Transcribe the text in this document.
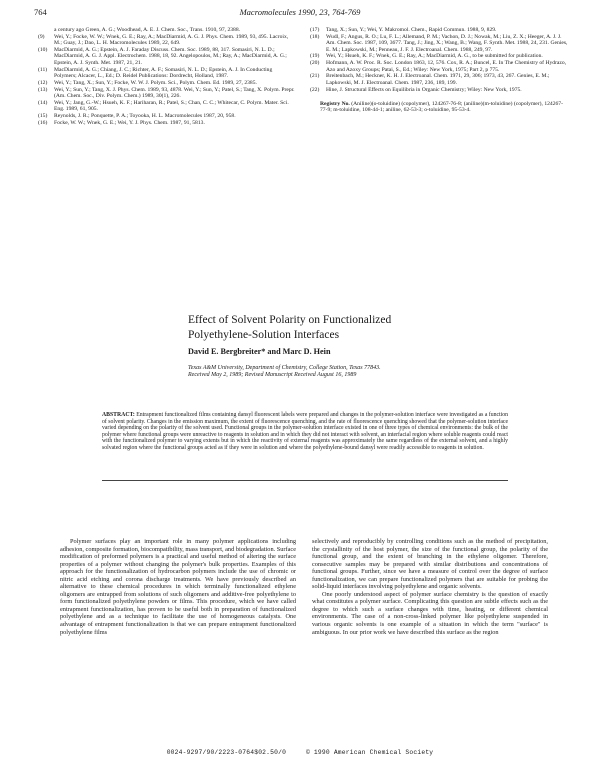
764	Macromolecules 1990, 23, 764-769
a century ago Green, A. G.; Woodhead, A. E. J. Chem. Soc., Trans. 1910, 97, 2388.
(9) Wei, Y.; Focke, W. W.; Wnek, G. E.; Ray, A.; MacDiarmid, A. G. J. Phys. Chem. 1989, 93, 495. Lacroix, M.; Guay, J.; Dao, L. H. Macromolecules 1989, 22, 649.
(10) MacDiarmid, A. G.; Epstein, A. J. Faraday Discuss. Chem. Soc. 1989, 88, 317. Somasiri, N. L. D.; MacDiarmid, A. G. J. Appl. Electrochem. 1988, 18, 92. Angelopoulos, M.; Ray, A.; MacDiarmid, A. G.; Epstein, A. J. Synth. Met. 1987, 21, 21.
(11) MacDiarmid, A. G.; Chiang, J. C.; Richter, A. F.; Somasiri, N. L. D.; Epstein, A. J. In Conducting Polymers; Alcacer, L., Ed.; D. Reidel Publications: Dordrecht, Holland, 1987.
(12) Wei, Y.; Tang, X.; Sun, Y.; Focke, W. W. J. Polym. Sci., Polym. Chem. Ed. 1989, 27, 2385.
(13) Wei, Y.; Sun, Y.; Tang, X. J. Phys. Chem. 1989, 93, 4878. Wei, Y.; Sun, Y.; Patel, S.; Tang, X. Polym. Prepr. (Am. Chem. Soc., Div. Polym. Chem.) 1989, 30(1), 226.
(14) Wei, Y.; Jang, G.-W.; Hsueh, K. F.; Hariharan, R.; Patel, S.; Chan, C. C.; Whitecar, C. Polym. Mater. Sci. Eng. 1989, 61, 905.
(15) Reynolds, J. R.; Ponquette, P. A.; Toyooka, H. L. Macromolecules 1987, 20, 958.
(16) Focke, W. W.; Wnek, G. E.; Wei, Y. J. Phys. Chem. 1987, 91, 5813.
(17) Tang, X.; Sun, Y.; Wei, Y. Makromol. Chem., Rapid Commun. 1988, 9, 829.
(18) Wudl, F.; Angus, R. O.; Lu, F. L.; Allemand, P. M.; Vachon, D. J.; Nowak, M.; Liu, Z. X.; Heeger, A. J. J. Am. Chem. Soc. 1987, 109, 3677. Tang, J.; Jing, X.; Wang, B.; Wang, F. Synth. Met. 1988, 24, 231. Genies, E. M.; Lapkowski, M.; Penneau, J. F. J. Electroanal. Chem. 1988, 249, 97.
(19) Wei, Y.; Hsueh, K. F.; Wnek, G. E.; Ray, A.; MacDiarmid, A. G., to be submitted for publication.
(20) Hofmann, A. W. Proc. R. Soc. London 1863, 12, 576. Cox, R. A.; Buncel, E. In The Chemistry of Hydrazo, Azo and Azoxy Groups; Patai, S., Ed.; Wiley: New York, 1975; Part 2, p 775.
(21) Breitenbach, M.; Heckner, K. H. J. Electroanal. Chem. 1971, 29, 306; 1973, 43, 267. Genies, E. M.; Lapkowski, M. J. Electroanal. Chem. 1987, 236, 189, 199.
(22) Hine, J. Structural Effects on Equilibria in Organic Chemistry; Wiley: New York, 1975.
Registry No. (Aniline)(o-toluidine) (copolymer), 124267-76-8; (aniline)(m-toluidine) (copolymer), 124267-77-9; m-toluidine, 108-44-1; aniline, 62-53-3; o-toluidine, 95-53-4.
Effect of Solvent Polarity on Functionalized
Polyethylene-Solution Interfaces
David E. Bergbreiter* and Marc D. Hein
Texas A&M University, Department of Chemistry, College Station, Texas 77843.
Received May 2, 1989; Revised Manuscript Received August 16, 1989
ABSTRACT: Entrapment functionalized films containing dansyl fluorescent labels were prepared and changes in the polymer-solution interface were investigated as a function of solvent polarity. Changes in the emission maximum, the extent of fluorescence quenching, and the rate of fluorescence quenching showed that the polymer-solution interface varied depending on the polarity of the solvent used. Functional groups in the polymer-solution interface existed in one of three types of chemical environments: the bulk of the polymer where functional groups were unreactive to reagents in solution and in which they did not interact with solvent, an interfacial region where soluble reagents could react with the functionalized polymer to varying extents but in which the reactivity of external reagents was approximately the same regardless of the external solvent, and a highly solvated region where the functional groups acted as if they were in solution and where the polyethylene-bound dansyl were readily accessible to reagents in solution.

Polymer surfaces play an important role in many polymer applications including adhesion, composite formation, biocompatibility, mass transport, and biodegradation. Surface modification of preformed polymers is a practical and useful method of altering the surface properties of a polymer without changing the polymer's bulk properties. Examples of this approach for the functionalization of hydrocarbon polymers include the use of chromic or nitric acid etching and corona discharge treatments. We have previously described an alternative to these chemical procedures in which terminally functionalized ethylene oligomers are entrapped from solutions of such oligomers and additive-free polyethylene to form functionalized polyethylene powders or films. This procedure, which we have called entrapment functionalization, has proven to be useful both in preparation of functionalized polyethylene and as a technique to facilitate the use of homogeneous catalysts. One advantage of entrapment functionalization is that we can prepare entrapment functionalized polyethylene films

selectively and reproducibly by controlling conditions such as the method of precipitation, the crystallinity of the host polymer, the size of the functional group, the polarity of the functional group, and the extent of branching in the ethylene oligomer. Therefore, consecutive samples may be prepared with similar distributions and concentrations of functional groups. Further, since we have a measure of control over the degree of surface functionalization, we can prepare functionalized polymers that are suitable for probing the solid-liquid interfaces involving polyethylene and organic solvents.

One poorly understood aspect of polymer surface chemistry is the question of exactly what constitutes a polymer surface. Complicating this question are subtle effects such as the degree to which such a surface changes with time, heating, or different chemical environments. The case of a non-cross-linked polymer like polyethylene suspended in various organic solvents is one example of a situation in which the term "surface" is ambiguous. In our prior work we have described this surface as the region

0024-9297/90/2223-0764$02.50/0	© 1990 American Chemical Society
